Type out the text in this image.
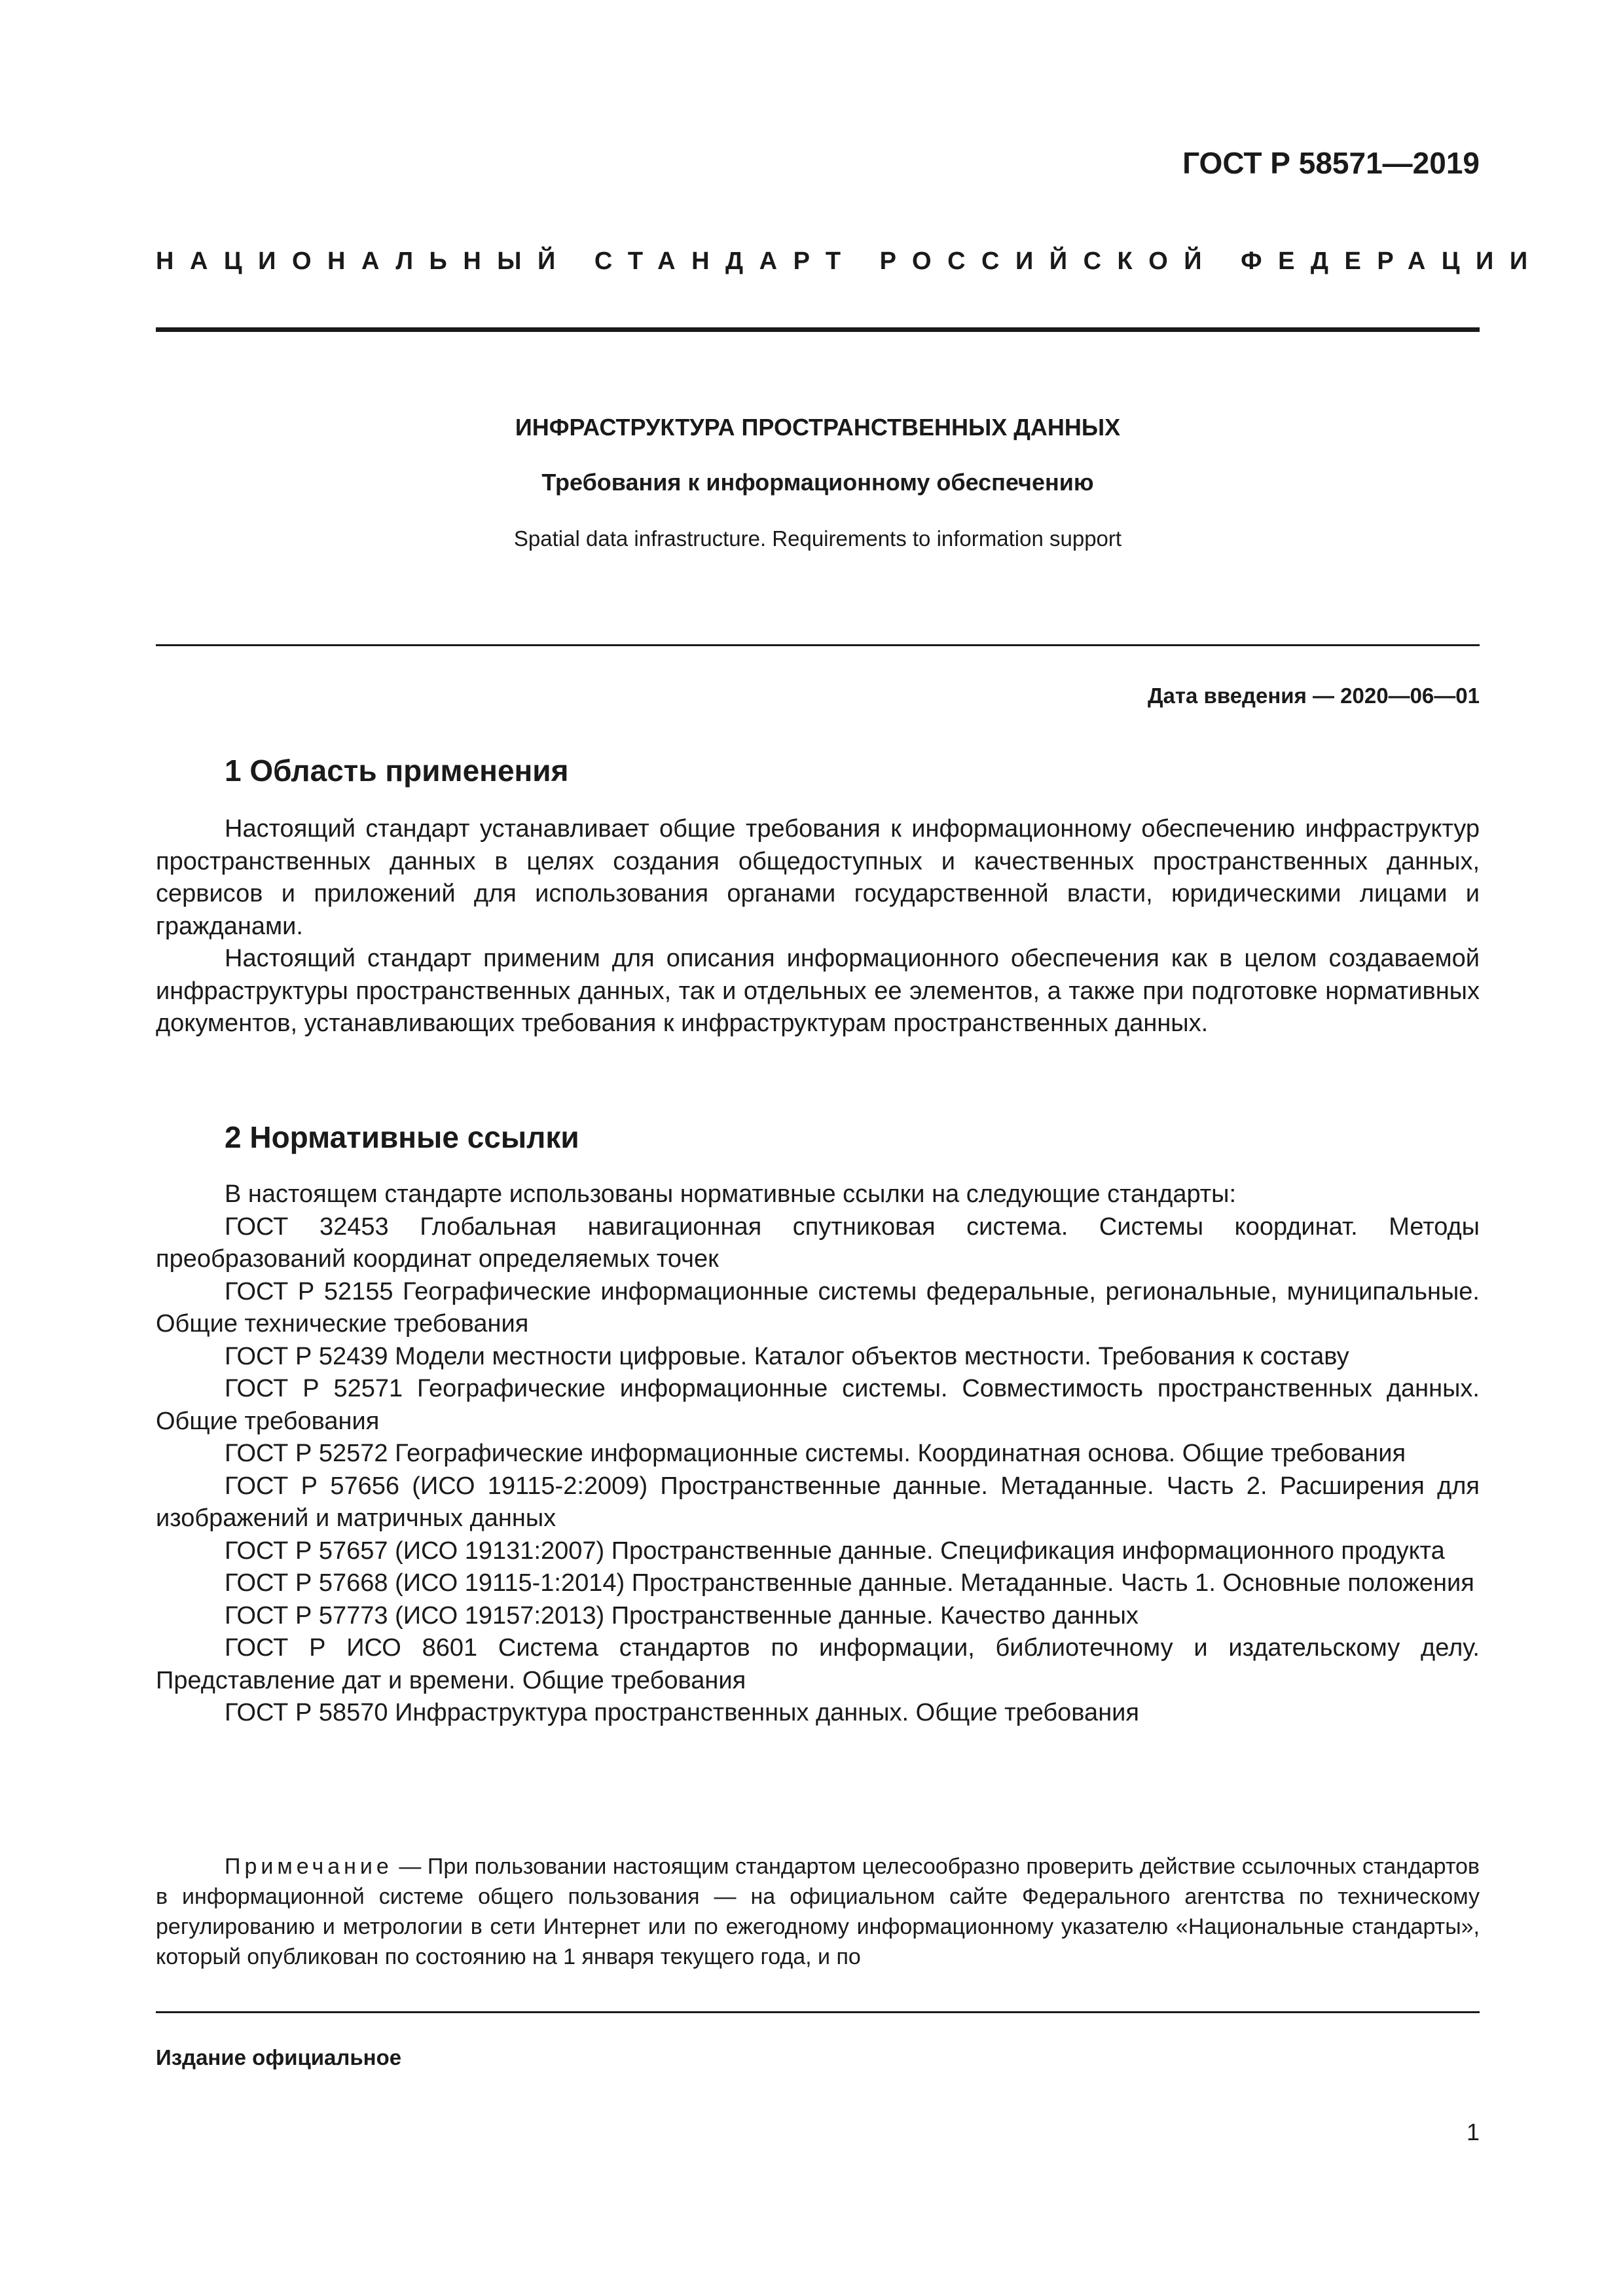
ГОСТ Р 58571—2019
НАЦИОНАЛЬНЫЙ СТАНДАРТ РОССИЙСКОЙ ФЕДЕРАЦИИ
ИНФРАСТРУКТУРА ПРОСТРАНСТВЕННЫХ ДАННЫХ
Требования к информационному обеспечению
Spatial data infrastructure. Requirements to information support
Дата введения — 2020—06—01
1 Область применения

Настоящий стандарт устанавливает общие требования к информационному обеспечению инфраструктур пространственных данных в целях создания общедоступных и качественных пространственных данных, сервисов и приложений для использования органами государственной власти, юридическими лицами и гражданами.

Настоящий стандарт применим для описания информационного обеспечения как в целом создаваемой инфраструктуры пространственных данных, так и отдельных ее элементов, а также при подготовке нормативных документов, устанавливающих требования к инфраструктурам пространственных данных.

2 Нормативные ссылки

В настоящем стандарте использованы нормативные ссылки на следующие стандарты:

ГОСТ 32453 Глобальная навигационная спутниковая система. Системы координат. Методы преобразований координат определяемых точек

ГОСТ Р 52155 Географические информационные системы федеральные, региональные, муниципальные. Общие технические требования

ГОСТ Р 52439 Модели местности цифровые. Каталог объектов местности. Требования к составу

ГОСТ Р 52571 Географические информационные системы. Совместимость пространственных данных. Общие требования

ГОСТ Р 52572 Географические информационные системы. Координатная основа. Общие требования

ГОСТ Р 57656 (ИСО 19115-2:2009) Пространственные данные. Метаданные. Часть 2. Расширения для изображений и матричных данных

ГОСТ Р 57657 (ИСО 19131:2007) Пространственные данные. Спецификация информационного продукта

ГОСТ Р 57668 (ИСО 19115-1:2014) Пространственные данные. Метаданные. Часть 1. Основные положения

ГОСТ Р 57773 (ИСО 19157:2013) Пространственные данные. Качество данных

ГОСТ Р ИСО 8601 Система стандартов по информации, библиотечному и издательскому делу. Представление дат и времени. Общие требования

ГОСТ Р 58570 Инфраструктура пространственных данных. Общие требования

Примечание — При пользовании настоящим стандартом целесообразно проверить действие ссылочных стандартов в информационной системе общего пользования — на официальном сайте Федерального агентства по техническому регулированию и метрологии в сети Интернет или по ежегодному информационному указателю «Национальные стандарты», который опубликован по состоянию на 1 января текущего года, и по

Издание официальное
1
